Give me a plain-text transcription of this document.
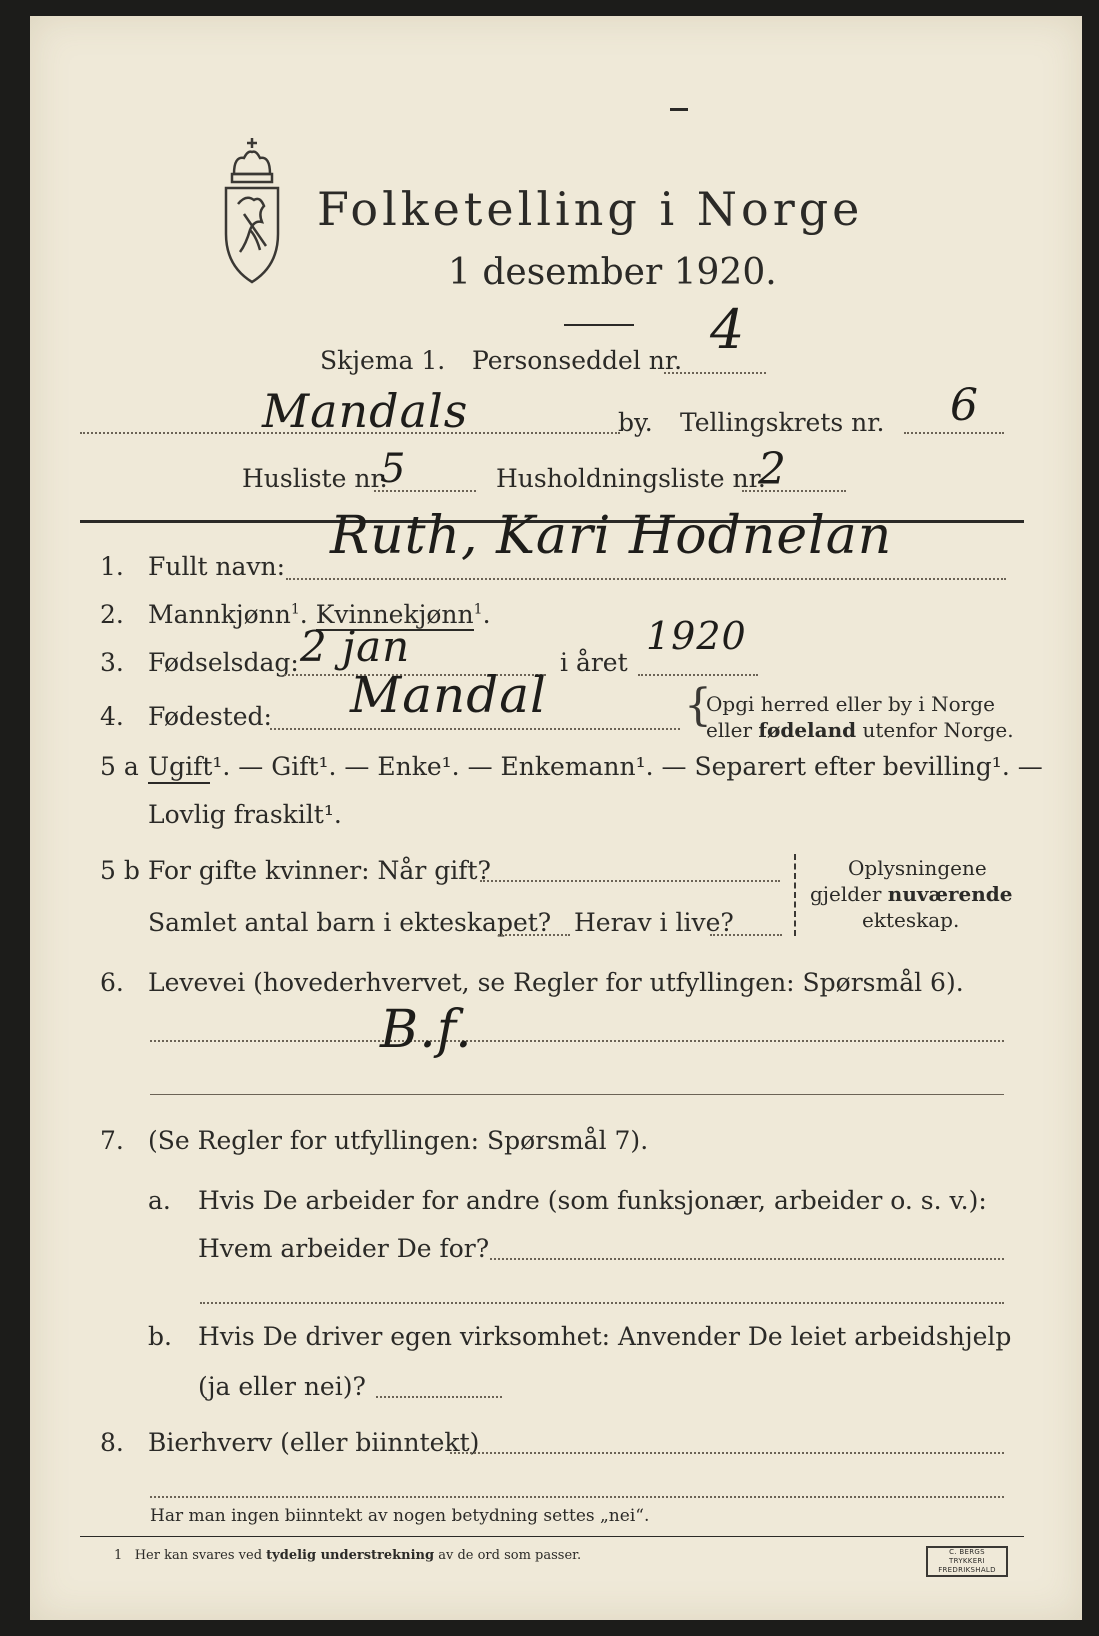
Folketelling i Norge
1 desember 1920.
Skjema 1. Personseddel nr. 4
Mandals	by. Tellingskrets nr. 6
Husliste nr.
5	Husholdningsliste nr.
2
1. Fullt navn:
Ruth, Kari Hodnelan
2. Mannkjønn$^1$. Kvinnekjønn$^1$.
3. Fødselsdag: 2 jan	i året
1920
4. Fødested: Mandal	{
Opgi herred eller by i Norge
eller fødeland utenfor Norge.
5 a Ugift¹. — Gift¹. — Enke¹. — Enkemann¹. — Separert efter bevilling¹. —
Lovlig fraskilt¹.
5 b For gifte kvinner: Når gift?
Samlet antal barn i ekteskapet? Herav i live?
Oplysningene
gjelder nuværende
ekteskap.
6. Levevei (hovederhvervet, se Regler for utfyllingen: Spørsmål 6).
B.f.
7. (Se Regler for utfyllingen: Spørsmål 7).
a. Hvis De arbeider for andre (som funksjonær, arbeider o. s. v.):
Hvem arbeider De for?
b. Hvis De driver egen virksomhet: Anvender De leiet arbeidshjelp
(ja eller nei)?
8. Bierhverv (eller biinntekt)
Har man ingen biinntekt av nogen betydning settes „nei“.
1 Her kan svares ved tydelig understrekning av de ord som passer.	C. BERGS TRYKKERI FREDRIKSHALD
